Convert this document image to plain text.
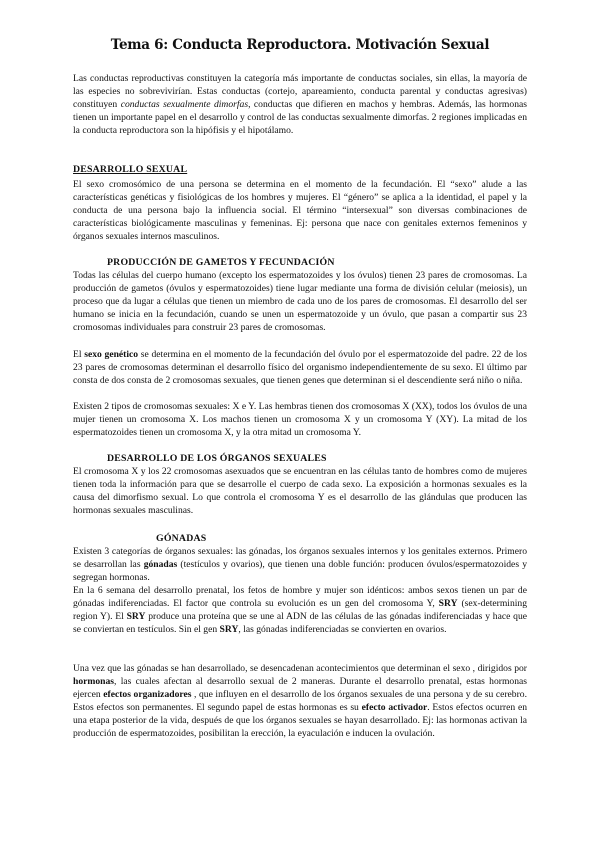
Tema 6: Conducta Reproductora. Motivación Sexual

Las conductas reproductivas constituyen la categoría más importante de conductas sociales, sin ellas, la mayoría de las especies no sobrevivirían. Estas conductas (cortejo, apareamiento, conducta parental y conductas agresivas) constituyen conductas sexualmente dimorfas, conductas que difieren en machos y hembras. Además, las hormonas tienen un importante papel en el desarrollo y control de las conductas sexualmente dimorfas. 2 regiones implicadas en la conducta reproductora son la hipófisis y el hipotálamo.

DESARROLLO SEXUAL

El sexo cromosómico de una persona se determina en el momento de la fecundación. El “sexo” alude a las características genéticas y fisiológicas de los hombres y mujeres. El “género” se aplica a la identidad, el papel y la conducta de una persona bajo la influencia social. El término “intersexual” son diversas combinaciones de características biológicamente masculinas y femeninas. Ej: persona que nace con genitales externos femeninos y órganos sexuales internos masculinos.

PRODUCCIÓN DE GAMETOS Y FECUNDACIÓN

Todas las células del cuerpo humano (excepto los espermatozoides y los óvulos) tienen 23 pares de cromosomas. La producción de gametos (óvulos y espermatozoides) tiene lugar mediante una forma de división celular (meiosis), un proceso que da lugar a células que tienen un miembro de cada uno de los pares de cromosomas. El desarrollo del ser humano se inicia en la fecundación, cuando se unen un espermatozoide y un óvulo, que pasan a compartir sus 23 cromosomas individuales para construir 23 pares de cromosomas.

El sexo genético se determina en el momento de la fecundación del óvulo por el espermatozoide del padre. 22 de los 23 pares de cromosomas determinan el desarrollo físico del organismo independientemente de su sexo. El último par consta de dos consta de 2 cromosomas sexuales, que tienen genes que determinan si el descendiente será niño o niña.

Existen 2 tipos de cromosomas sexuales: X e Y. Las hembras tienen dos cromosomas X (XX), todos los óvulos de una mujer tienen un cromosoma X. Los machos tienen un cromosoma X y un cromosoma Y (XY). La mitad de los espermatozoides tienen un cromosoma X, y la otra mitad un cromosoma Y.

DESARROLLO DE LOS ÓRGANOS SEXUALES

El cromosoma X y los 22 cromosomas asexuados que se encuentran en las células tanto de hombres como de mujeres tienen toda la información para que se desarrolle el cuerpo de cada sexo. La exposición a hormonas sexuales es la causa del dimorfismo sexual. Lo que controla el cromosoma Y es el desarrollo de las glándulas que producen las hormonas sexuales masculinas.

GÓNADAS

Existen 3 categorías de órganos sexuales: las gónadas, los órganos sexuales internos y los genitales externos. Primero se desarrollan las gónadas (testículos y ovarios), que tienen una doble función: producen óvulos/espermatozoides y segregan hormonas.

En la 6 semana del desarrollo prenatal, los fetos de hombre y mujer son idénticos: ambos sexos tienen un par de gónadas indiferenciadas. El factor que controla su evolución es un gen del cromosoma Y, SRY (sex-determining region Y). El SRY produce una proteína que se une al ADN de las células de las gónadas indiferenciadas y hace que se conviertan en testículos. Sin el gen SRY, las gónadas indiferenciadas se convierten en ovarios.

Una vez que las gónadas se han desarrollado, se desencadenan acontecimientos que determinan el sexo , dirigidos por hormonas, las cuales afectan al desarrollo sexual de 2 maneras. Durante el desarrollo prenatal, estas hormonas ejercen efectos organizadores , que influyen en el desarrollo de los órganos sexuales de una persona y de su cerebro. Estos efectos son permanentes. El segundo papel de estas hormonas es su efecto activador. Estos efectos ocurren en una etapa posterior de la vida, después de que los órganos sexuales se hayan desarrollado. Ej: las hormonas activan la producción de espermatozoides, posibilitan la erección, la eyaculación e inducen la ovulación.
